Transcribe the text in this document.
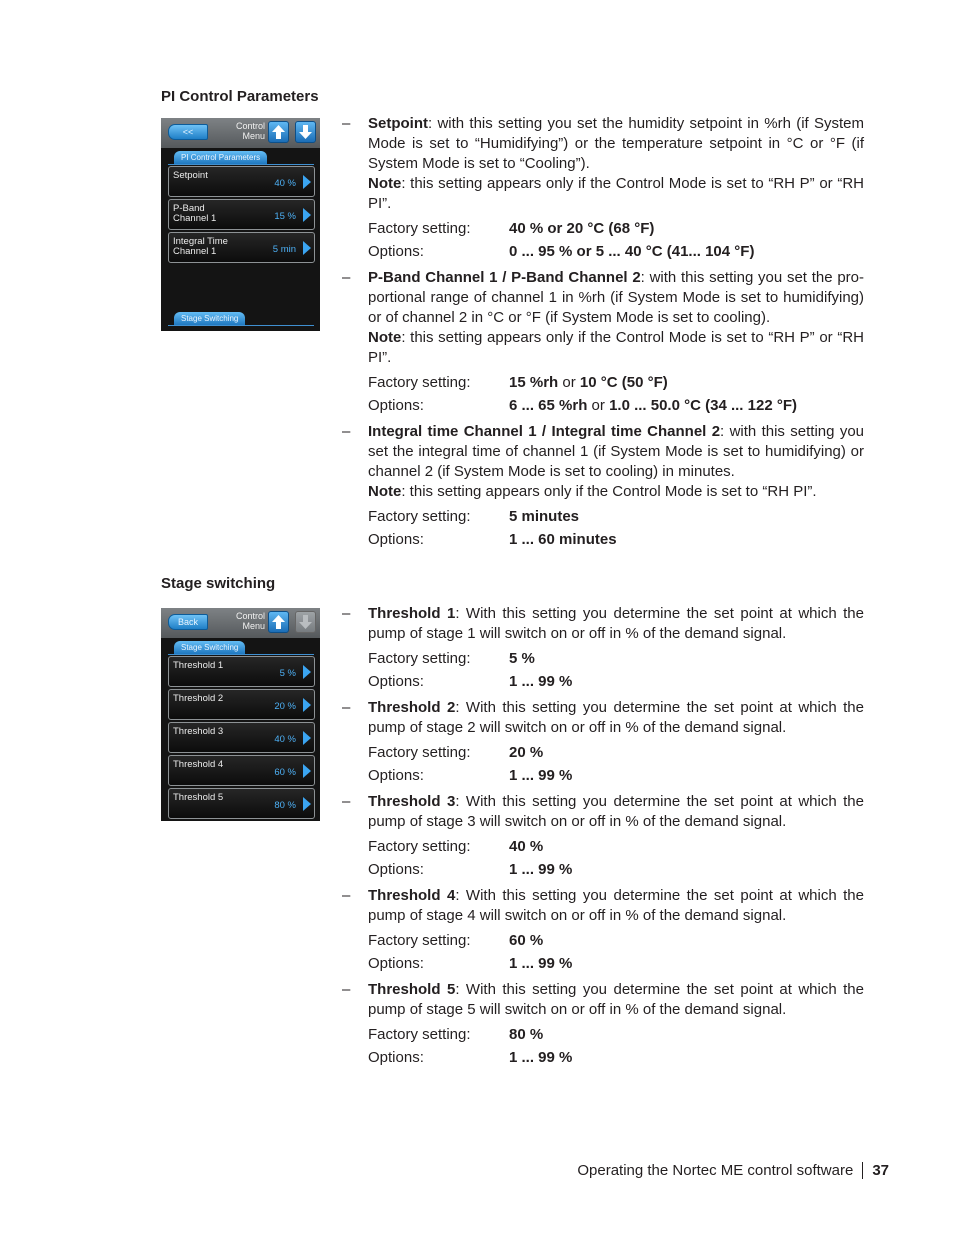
PI Control Parameters
Stage switching
<<
Control
Menu
PI Control Parameters
Setpoint
40 %
P-Band
Channel 1	15 %
Integral Time
Channel 1	5 min
Stage Switching
Back
Control
Menu
Stage Switching
Threshold 1
5 %
Threshold 2
20 %
Threshold 3
40 %
Threshold 4
60 %
Threshold 5
80 %
– Setpoint: with this setting you set the humidity setpoint in %rh (if System Mode is set to “Humidifying”) or the temperature setpoint in °C or °F (if System Mode is set to “Cooling”).
Note: this setting appears only if the Control Mode is set to “RH P” or “RH PI”.

Factory setting:	40 % or 20 °C (68 °F)
Options:	0 ... 95 % or 5 ... 40 °C (41... 104 °F)
– P-Band Channel 1 / P-Band Channel 2: with this setting you set the pro-portional range of channel 1 in %rh (if System Mode is set to humidifying) or of channel 2 in °C or °F (if System Mode is set to cooling).
Note: this setting appears only if the Control Mode is set to “RH P” or “RH PI”.

Factory setting:	15 %rh or 10 °C (50 °F)
Options:	6 ... 65 %rh or 1.0 ... 50.0 °C (34 ... 122 °F)
– Integral time Channel 1 / Integral time Channel 2: with this setting you set the integral time of channel 1 (if System Mode is set to humidifying) or channel 2 (if System Mode is set to cooling) in minutes.
Note: this setting appears only if the Control Mode is set to “RH PI”.

Factory setting:	5 minutes
Options:	1 ... 60 minutes
– Threshold 1: With this setting you determine the set point at which the pump of stage 1 will switch on or off in % of the demand signal.

Factory setting:	5 %
Options:	1 ... 99 %
– Threshold 2: With this setting you determine the set point at which the pump of stage 2 will switch on or off in % of the demand signal.

Factory setting:	20 %
Options:	1 ... 99 %
– Threshold 3: With this setting you determine the set point at which the pump of stage 3 will switch on or off in % of the demand signal.

Factory setting:	40 %
Options:	1 ... 99 %
– Threshold 4: With this setting you determine the set point at which the pump of stage 4 will switch on or off in % of the demand signal.

Factory setting:	60 %
Options:	1 ... 99 %
– Threshold 5: With this setting you determine the set point at which the pump of stage 5 will switch on or off in % of the demand signal.

Factory setting:	80 %
Options:	1 ... 99 %
Operating the Nortec ME control software 37
